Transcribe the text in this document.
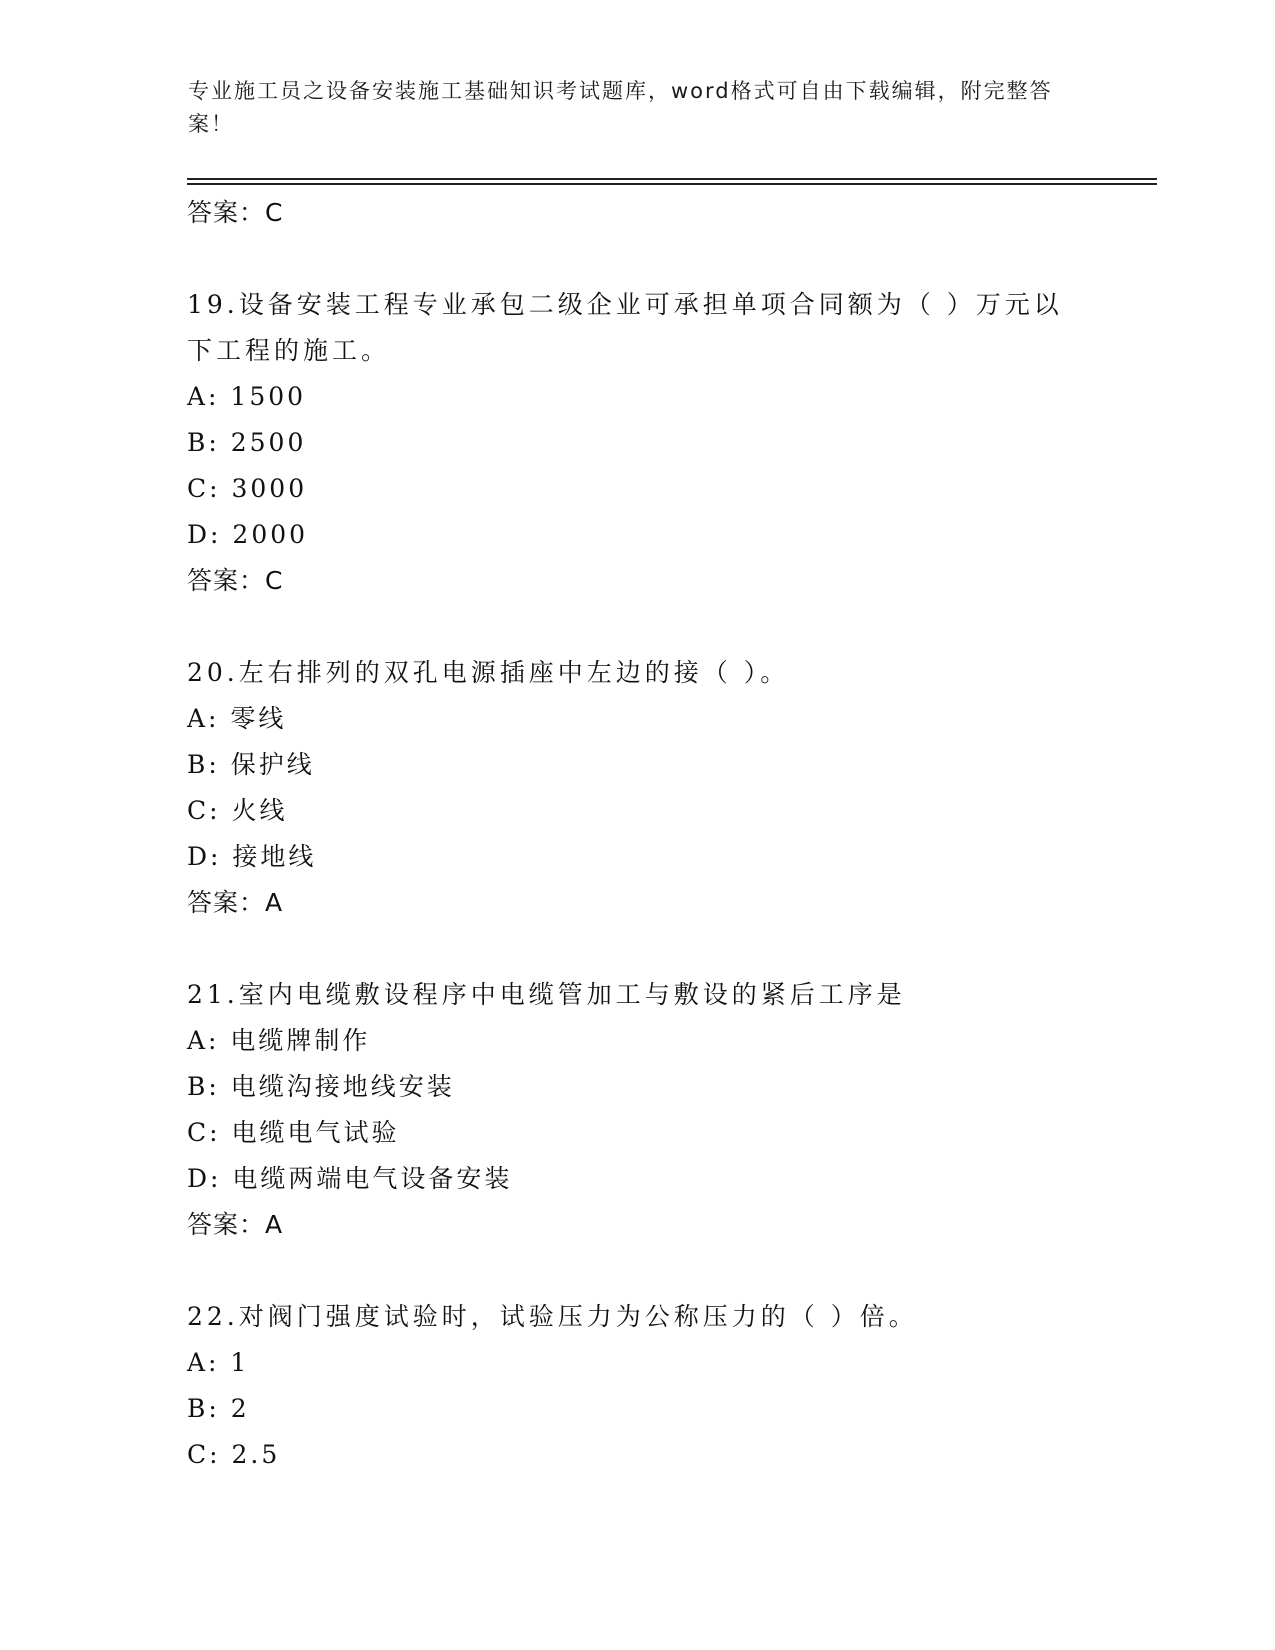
专业施工员之设备安装施工基础知识考试题库，word格式可自由下载编辑，附完整答案！
答案：C
19.设备安装工程专业承包二级企业可承担单项合同额为（ ）万元以下工程的施工。
A: 1500
B: 2500
C: 3000
D: 2000
答案：C
20.左右排列的双孔电源插座中左边的接（ ）。
A: 零线
B: 保护线
C: 火线
D: 接地线
答案：A
21.室内电缆敷设程序中电缆管加工与敷设的紧后工序是
A: 电缆牌制作
B: 电缆沟接地线安装
C: 电缆电气试验
D: 电缆两端电气设备安装
答案：A
22.对阀门强度试验时，试验压力为公称压力的（ ）倍。
A: 1
B: 2
C: 2.5
